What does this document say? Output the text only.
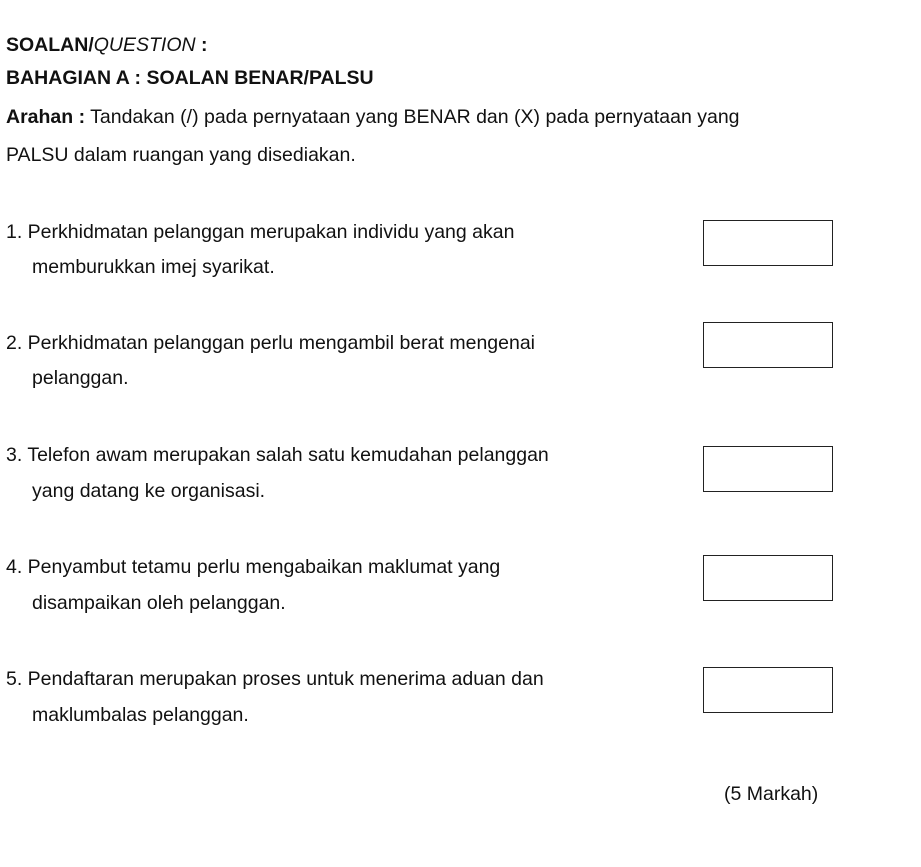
SOALAN/QUESTION :
BAHAGIAN A : SOALAN BENAR/PALSU
Arahan : Tandakan (/) pada pernyataan yang BENAR dan (X) pada pernyataan yang
PALSU dalam ruangan yang disediakan.
1. Perkhidmatan pelanggan merupakan individu yang akan
memburukkan imej syarikat.
2. Perkhidmatan pelanggan perlu mengambil berat mengenai
pelanggan.
3. Telefon awam merupakan salah satu kemudahan pelanggan
yang datang ke organisasi.
4. Penyambut tetamu perlu mengabaikan maklumat yang
disampaikan oleh pelanggan.
5. Pendaftaran merupakan proses untuk menerima aduan dan
maklumbalas pelanggan.
(5 Markah)
